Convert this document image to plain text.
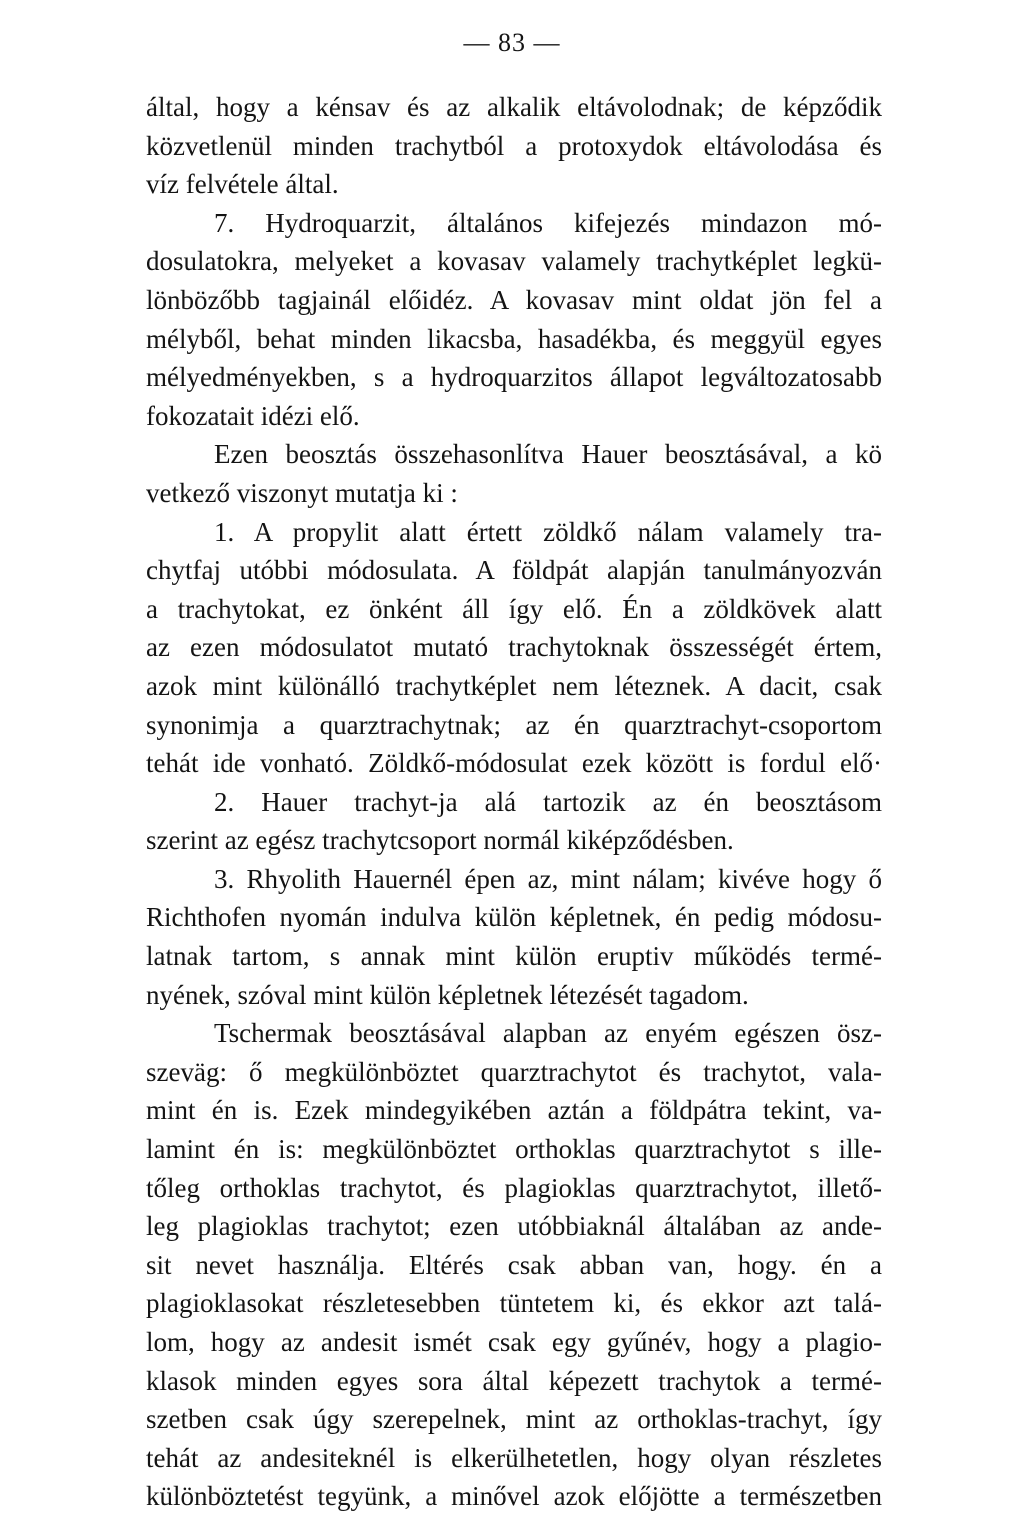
— 83 —
által, hogy a kénsav és az alkalik eltávolodnak; de képződik
közvetlenül minden trachytból a protoxydok eltávolodása és
víz felvétele által.
7. Hydroquarzit, általános kifejezés mindazon mó-
dosulatokra, melyeket a kovasav valamely trachytképlet legkü-
lönbözőbb tagjainál előidéz. A kovasav mint oldat jön fel a
mélyből, behat minden likacsba, hasadékba, és meggyül egyes
mélyedményekben, s a hydroquarzitos állapot legváltozatosabb
fokozatait idézi elő.
Ezen beosztás összehasonlítva Hauer beosztásával, a kö
vetkező viszonyt mutatja ki :
1. A propylit alatt értett zöldkő nálam valamely tra-
chytfaj utóbbi módosulata. A földpát alapján tanulmányozván
a trachytokat, ez önként áll így elő. Én a zöldkövek alatt
az ezen módosulatot mutató trachytoknak összességét értem,
azok mint különálló trachytképlet nem léteznek. A dacit, csak
synonimja a quarztrachytnak; az én quarztrachyt-csoportom
tehát ide vonható. Zöldkő-módosulat ezek között is fordul elő·
2. Hauer trachyt-ja alá tartozik az én beosztásom
szerint az egész trachytcsoport normál kiképződésben.
3. Rhyolith Hauernél épen az, mint nálam; kivéve hogy ő
Richthofen nyomán indulva külön képletnek, én pedig módosu-
latnak tartom, s annak mint külön eruptiv működés termé-
nyének, szóval mint külön képletnek létezését tagadom.
Tschermak beosztásával alapban az enyém egészen ösz-
szeväg: ő megkülönböztet quarztrachytot és trachytot, vala-
mint én is. Ezek mindegyikében aztán a földpátra tekint, va-
lamint én is: megkülönböztet orthoklas quarztrachytot s ille-
tőleg orthoklas trachytot, és plagioklas quarztrachytot, illető-
leg plagioklas trachytot; ezen utóbbiaknál általában az ande-
sit nevet használja. Eltérés csak abban van, hogy. én a
plagioklasokat részletesebben tüntetem ki, és ekkor azt talá-
lom, hogy az andesit ismét csak egy gyűnév, hogy a plagio-
klasok minden egyes sora által képezett trachytok a termé-
szetben csak úgy szerepelnek, mint az orthoklas-trachyt, így
tehát az andesiteknél is elkerülhetetlen, hogy olyan részletes
különböztetést tegyünk, a minővel azok előjötte a természetben
